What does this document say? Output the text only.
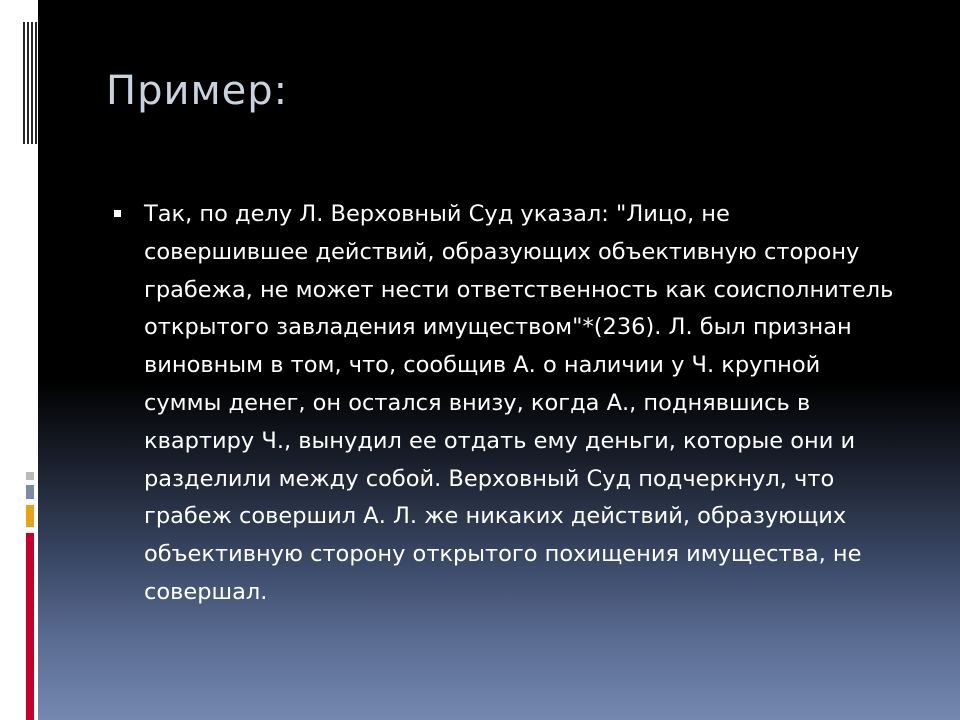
Пример:
Так, по делу Л. Верховный Суд указал: "Лицо, не совершившее действий, образующих объективную сторону грабежа, не может нести ответственность как соисполнитель открытого завладения имуществом"*(236). Л. был признан виновным в том, что, сообщив А. о наличии у Ч. крупной суммы денег, он остался внизу, когда А., поднявшись в квартиру Ч., вынудил ее отдать ему деньги, которые они и разделили между собой. Верховный Суд подчеркнул, что грабеж совершил А. Л. же никаких действий, образующих объективную сторону открытого похищения имущества, не совершал.
